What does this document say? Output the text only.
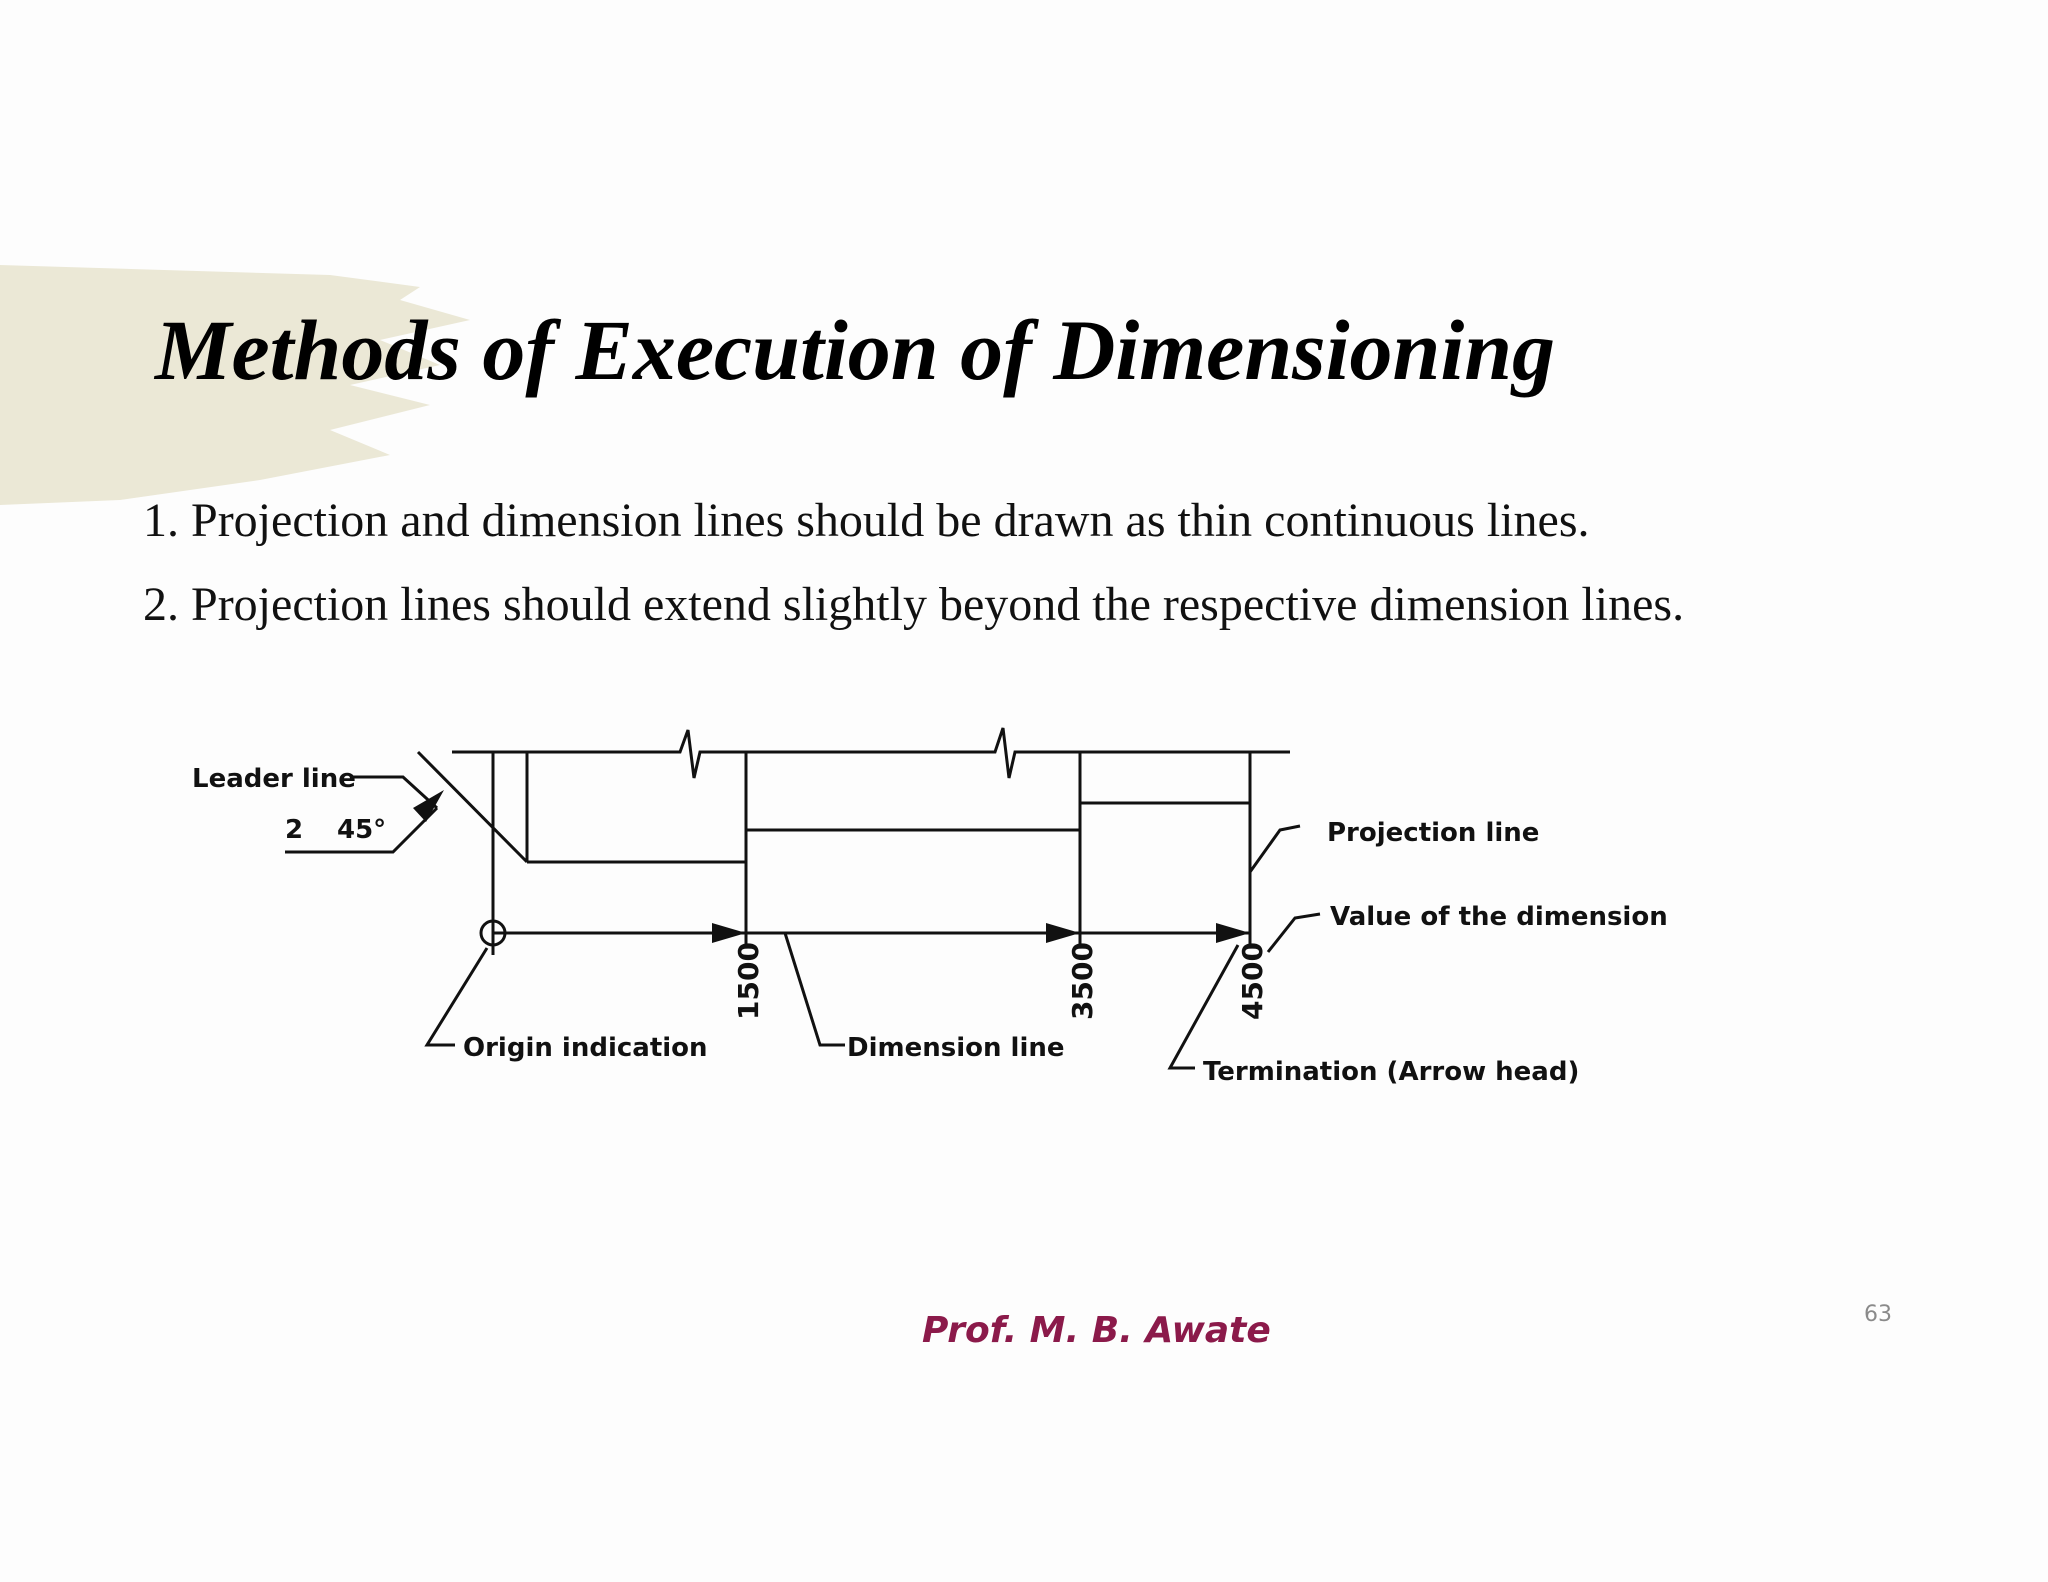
Methods of Execution of Dimensioning
1. Projection and dimension lines should be drawn as thin continuous lines.
2. Projection lines should extend slightly beyond the respective dimension lines.
Leader line
2 45°	Projection line
Value of the dimension
Origin indication	Dimension line
Termination (Arrow head)
1500	3500	4500
Prof. M. B. Awate	63
